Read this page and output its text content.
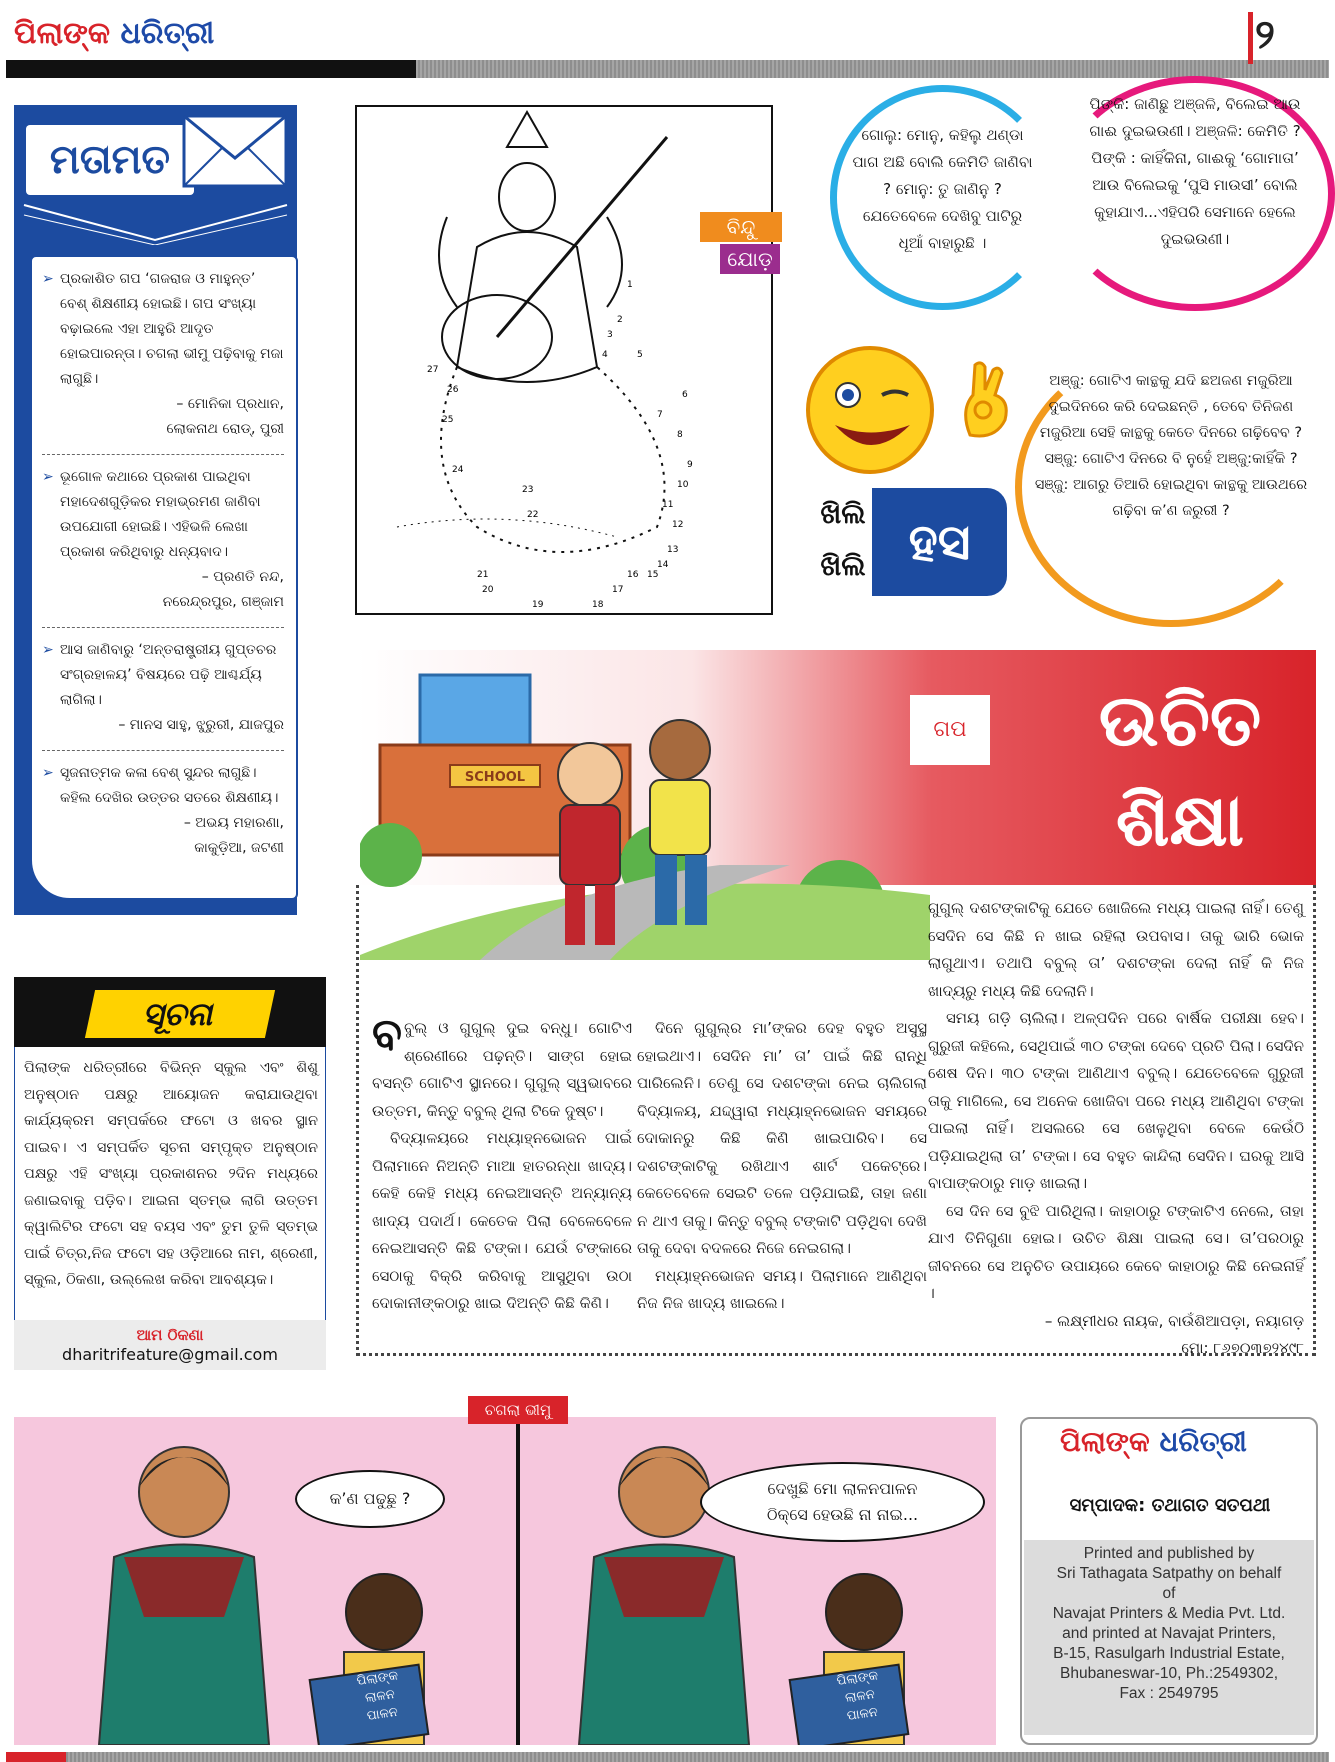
ପିଲାଙ୍କ ଧରିତ୍ରୀ	୨
ମତାମତ
➢ ପ୍ରକାଶିତ ଗପ ‘ଗଜରାଜ ଓ ମାହୁନ୍ତ’ ବେଶ୍ ଶିକ୍ଷଣୀୟ ହୋଇଛି। ଗପ ସଂଖ୍ୟା ବଢ଼ାଇଲେ ଏହା ଆହୁରି ଆଦୃତ ହୋଇପାରନ୍ତା। ଚଗଲା ଭୀମୁ ପଢ଼ିବାକୁ ମଜା ଲାଗୁଛି।
– ମୋନିକା ପ୍ରଧାନ,
ଲୋକନାଥ ରୋଡ୍, ପୁରୀ
➢ ଭୂଗୋଳ କଥାରେ ପ୍ରକାଶ ପାଇଥିବା ମହାଦେଶଗୁଡ଼ିକର ମହାଭ୍ରମଣ ଜାଣିବା ଉପଯୋଗୀ ହୋଇଛି। ଏହିଭଳି ଲେଖା ପ୍ରକାଶ କରିଥିବାରୁ ଧନ୍ୟବାଦ।
– ପ୍ରଣତି ନନ୍ଦ,
ନରେନ୍ଦ୍ରପୁର, ଗଞ୍ଜାମ
➢ ଆସ ଜାଣିବାରୁ ‘ଅନ୍ତରାଷ୍ଟ୍ରୀୟ ଗୁପ୍ତଚର ସଂଗ୍ରହାଳୟ’ ବିଷୟରେ ପଢ଼ି ଆଶ୍ଚର୍ଯ୍ୟ ଲାଗିଲା।
– ମାନସ ସାହୁ, ଝୁରୁରୀ, ଯାଜପୁର
➢ ସୃଜନାତ୍ମକ କଳା ବେଶ୍ ସୁନ୍ଦର ଲାଗୁଛି। କହିଲ ଦେଖିର ଉତ୍ତର ସତରେ ଶିକ୍ଷଣୀୟ।
– ଅଭୟ ମହାରଣା,
କାକୁଡ଼ିଆ, ଜଟଣୀ
ସୂଚନା
ପିଲାଙ୍କ ଧରିତ୍ରୀରେ ବିଭିନ୍ନ ସ୍କୁଲ ଏବଂ ଶିଶୁ ଅନୁଷ୍ଠାନ ପକ୍ଷରୁ ଆୟୋଜନ କରାଯାଉଥିବା କାର୍ଯ୍ୟକ୍ରମ ସମ୍ପର୍କରେ ଫଟୋ ଓ ଖବର ସ୍ଥାନ ପାଇବ। ଏ ସମ୍ପର୍କିତ ସୂଚନା ସମ୍ପୃକ୍ତ ଅନୁଷ୍ଠାନ ପକ୍ଷରୁ ଏହି ସଂଖ୍ୟା ପ୍ରକାଶନର ୨ଦିନ ମଧ୍ୟରେ ଜଣାଇବାକୁ ପଡ଼ିବ। ଆଇନା ସ୍ତମ୍ଭ ଲାଗି ଉତ୍ତମ କ୍ୱାଲିଟିର ଫଟୋ ସହ ବୟସ ଏବଂ ତୁମ ତୁଳି ସ୍ତମ୍ଭ ପାଇଁ ଚିତ୍ର,ନିଜ ଫଟୋ ସହ ଓଡ଼ିଆରେ ନାମ, ଶ୍ରେଣୀ, ସ୍କୁଲ, ଠିକଣା, ଉଲ୍ଲେଖ କରିବା ଆବଶ୍ୟକ।
ଆମ ଠିକଣା
dharitrifeature@gmail.com
27
26
25
24
23
22
21
20
19	18
17
16 15
14
13
12
11
10
9
8
7
6
5
4
3
2
1
ବିନ୍ଦୁ
ଯୋଡ଼
ଗୋଲୁ: ମୋନୁ, କହିଲୁ ଥଣ୍ଡା ପାଗ ଅଛି ବୋଲି କେମିତି ଜାଣିବା ? ମୋନୁ: ତୁ ଜାଣିନୁ ? ଯେତେବେଳେ ଦେଖିବୁ ପାଟିରୁ ଧୂଆଁ ବାହାରୁଛି ।
ପିଙ୍କି: ଜାଣିଛୁ ଅଞ୍ଜଳି, ବିଲେଇ ଆଉ ଗାଈ ଦୁଇଭଉଣୀ। ଅଞ୍ଜଳି: କେମିତି ? ପିଙ୍କି : କାହିଁକିନା, ଗାଈକୁ ‘ଗୋମାତା’ ଆଉ ବିଲେଇକୁ ‘ପୁସି ମାଉସୀ’ ବୋଲି କୁହାଯାଏ...ଏହିପରି ସେମାନେ ହେଲେ ଦୁଇଭଉଣୀ।
ଅଞ୍ଜୁ: ଗୋଟିଏ କାନ୍ଥକୁ ଯଦି ଛଅଜଣ ମଜୁରିଆ ଦୁଇଦିନରେ କରି ଦେଇଛନ୍ତି , ତେବେ ତିନିଜଣ ମଜୁରିଆ ସେହି କାନ୍ଥକୁ କେତେ ଦିନରେ ଗଢ଼ିବେବ ? ସଞ୍ଜୁ: ଗୋଟିଏ ଦିନରେ ବି ନୁହେଁ ଅଞ୍ଜୁ:କାହିଁକି ? ସଞ୍ଜୁ: ଆଗରୁ ତିଆରି ହୋଇଥିବା କାନ୍ଥକୁ ଆଉଥରେ ଗଢ଼ିବା କ’ଣ ଜରୁରୀ ?
ଖିଲି
ଖିଲି ହସ
SCHOOL
ଗପ	ଉଚିତ
ଶିକ୍ଷା
ବବୁଲ୍ ଓ ଗୁଗୁଲ୍ ଦୁଇ ବନ୍ଧୁ। ଗୋଟିଏ ଶ୍ରେଣୀରେ ପଢ଼ନ୍ତି। ସାଙ୍ଗ ହୋଇ ବସନ୍ତି ଗୋଟିଏ ସ୍ଥାନରେ। ଗୁଗୁଲ୍ ସ୍ୱଭାବରେ ଉତ୍ତମ, କିନ୍ତୁ ବବୁଲ୍ ଥିଲା ଟିକେ ଦୁଷ୍ଟ।

ବିଦ୍ୟାଳୟରେ ମଧ୍ୟାହ୍ନଭୋଜନ ପାଇଁ ପିଲାମାନେ ନିଅନ୍ତି ମାଆ ହାତରନ୍ଧା ଖାଦ୍ୟ। କେହି କେହି ମଧ୍ୟ ନେଇଆସନ୍ତି ଅନ୍ୟାନ୍ୟ ଖାଦ୍ୟ ପଦାର୍ଥ। କେତେକ ପିଲା ବେଳେବେଳେ ନେଇଆସନ୍ତି କିଛି ଟଙ୍କା। ଯେଉଁ ଟଙ୍କାରେ ସେଠାକୁ ବିକ୍ରି କରିବାକୁ ଆସୁଥିବା ଉଠା ଦୋକାନୀଙ୍କଠାରୁ ଖାଇ ଦିଅନ୍ତି କିଛି କିଣି।

ଦିନେ ଗୁଗୁଲ୍ର ମା’ଙ୍କର ଦେହ ବହୁତ ଅସୁସ୍ଥ ହୋଇଥାଏ। ସେଦିନ ମା’ ତା’ ପାଇଁ କିଛି ରାନ୍ଧି ପାରିଲେନି। ତେଣୁ ସେ ଦଶଟଙ୍କା ନେଇ ଚାଲିଗଲା ବିଦ୍ୟାଳୟ, ଯଦ୍ଦ୍ୱାରା ମଧ୍ୟାହ୍ନଭୋଜନ ସମୟରେ ଦୋକାନରୁ କିଛି କିଣି ଖାଇପାରିବ। ସେ ଦଶଟଙ୍କାଟିକୁ ରଖିଥାଏ ଶାର୍ଟ ପକେଟ୍ରେ। କେତେବେଳେ ସେଇଟି ତଳେ ପଡ଼ିଯାଇଛି, ତାହା ଜଣା ନ ଥାଏ ତାକୁ। କିନ୍ତୁ ବବୁଲ୍ ଟଙ୍କାଟି ପଡ଼ିଥିବା ଦେଖି ତାକୁ ଦେବା ବଦଳରେ ନିଜେ ନେଇଗଲା।

ମଧ୍ୟାହ୍ନଭୋଜନ ସମୟ। ପିଲାମାନେ ଆଣିଥିବା ନିଜ ନିଜ ଖାଦ୍ୟ ଖାଇଲେ।

ଗୁଗୁଲ୍ ଦଶଟଙ୍କାଟିକୁ ଯେତେ ଖୋଜିଲେ ମଧ୍ୟ ପାଇଲା ନାହିଁ। ତେଣୁ ସେଦିନ ସେ କିଛି ନ ଖାଇ ରହିଲା ଉପବାସ। ତାକୁ ଭାରି ଭୋକ ଲାଗୁଥାଏ। ତଥାପି ବବୁଲ୍ ତା’ ଦଶଟଙ୍କା ଦେଲା ନାହିଁ କି ନିଜ ଖାଦ୍ୟରୁ ମଧ୍ୟ କିଛି ଦେଲାନି।

ସମୟ ଗଡ଼ି ଚାଲିଲା। ଅଳ୍ପଦିନ ପରେ ବାର୍ଷିକ ପରୀକ୍ଷା ହେବ। ଗୁରୁଜୀ କହିଲେ, ସେଥିପାଇଁ ୩୦ ଟଙ୍କା ଦେବେ ପ୍ରତି ପିଲା। ସେଦିନ ଶେଷ ଦିନ। ୩୦ ଟଙ୍କା ଆଣିଥାଏ ବବୁଲ୍। ଯେତେବେଳେ ଗୁରୁଜୀ ତାକୁ ମାଗିଲେ, ସେ ଅନେକ ଖୋଜିବା ପରେ ମଧ୍ୟ ଆଣିଥିବା ଟଙ୍କା ପାଇଲା ନାହିଁ। ଅସଲରେ ସେ ଖେଳୁଥିବା ବେଳେ କେଉଁଠି ପଡ଼ିଯାଇଥିଲା ତା’ ଟଙ୍କା। ସେ ବହୁତ କାନ୍ଦିଲା ସେଦିନ। ଘରକୁ ଆସି ବାପାଙ୍କଠାରୁ ମାଡ଼ ଖାଇଲା।

ସେ ଦିନ ସେ ବୁଝି ପାରିଥିଲା। କାହାଠାରୁ ଟଙ୍କାଟିଏ ନେଲେ, ତାହା ଯାଏ ତିନିଗୁଣା ହୋଇ। ଉଚିତ ଶିକ୍ଷା ପାଇଲା ସେ। ତା’ପରଠାରୁ ଜୀବନରେ ସେ ଅନୁଚିତ ଉପାୟରେ କେବେ କାହାଠାରୁ କିଛି ନେଇନାହିଁ ।

– ଲକ୍ଷ୍ମୀଧର ନାୟକ, ବାଉଁଶିଆପଡ଼ା, ନୟାଗଡ଼

ମୋ: ୮୬୭୦୩୭୨୪୯୮

ପିଲାଙ୍କ
ଲାଳନ
ପାଳନ
ପିଲାଙ୍କ
ଲାଳନ
ପାଳନ
ଚଗଲା ଭୀମୁ
କ’ଣ ପଢୁଛୁ ?
ଦେଖୁଛି ମୋ ଲାଳନପାଳନ
ଠିକ୍‌ସେ ହେଉଛି ନା ନାଇ...
ପିଲାଙ୍କ ଧରିତ୍ରୀ
ସମ୍ପାଦକ: ତଥାଗତ ସତପଥୀ
Printed and published by
Sri Tathagata Satpathy on behalf
of
Navajat Printers & Media Pvt. Ltd.
and printed at Navajat Printers,
B-15, Rasulgarh Industrial Estate,
Bhubaneswar-10, Ph.:2549302,
Fax : 2549795
